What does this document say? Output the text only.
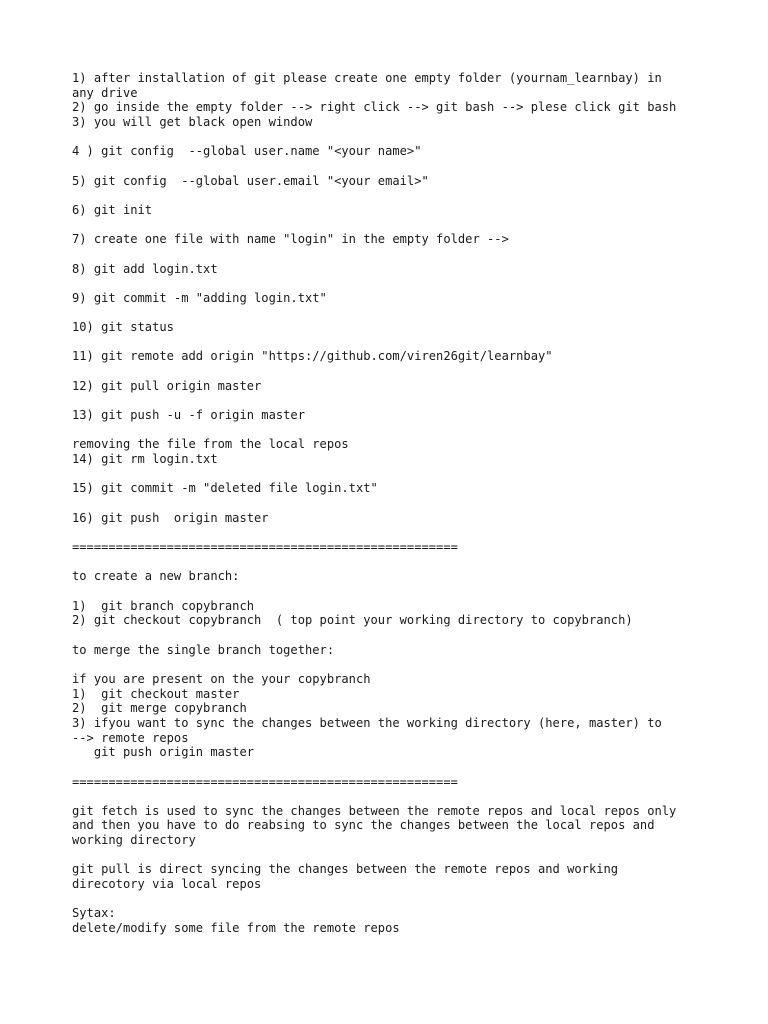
1) after installation of git please create one empty folder (yournam_learnbay) in
any drive
2) go inside the empty folder --> right click --> git bash --> plese click git bash
3) you will get black open window

4 ) git config  --global user.name "<your name>"

5) git config  --global user.email "<your email>"

6) git init

7) create one file with name "login" in the empty folder -->

8) git add login.txt

9) git commit -m "adding login.txt"

10) git status

11) git remote add origin "https://github.com/viren26git/learnbay"

12) git pull origin master

13) git push -u -f origin master

removing the file from the local repos
14) git rm login.txt

15) git commit -m "deleted file login.txt"

16) git push  origin master

=====================================================

to create a new branch:

1)  git branch copybranch
2) git checkout copybranch  ( top point your working directory to copybranch)

to merge the single branch together:

if you are present on the your copybranch
1)  git checkout master
2)  git merge copybranch
3) ifyou want to sync the changes between the working directory (here, master) to
--> remote repos
git push origin master

=====================================================

git fetch is used to sync the changes between the remote repos and local repos only
and then you have to do reabsing to sync the changes between the local repos and
working directory

git pull is direct syncing the changes between the remote repos and working
direcotory via local repos

Sytax:
delete/modify some file from the remote repos
